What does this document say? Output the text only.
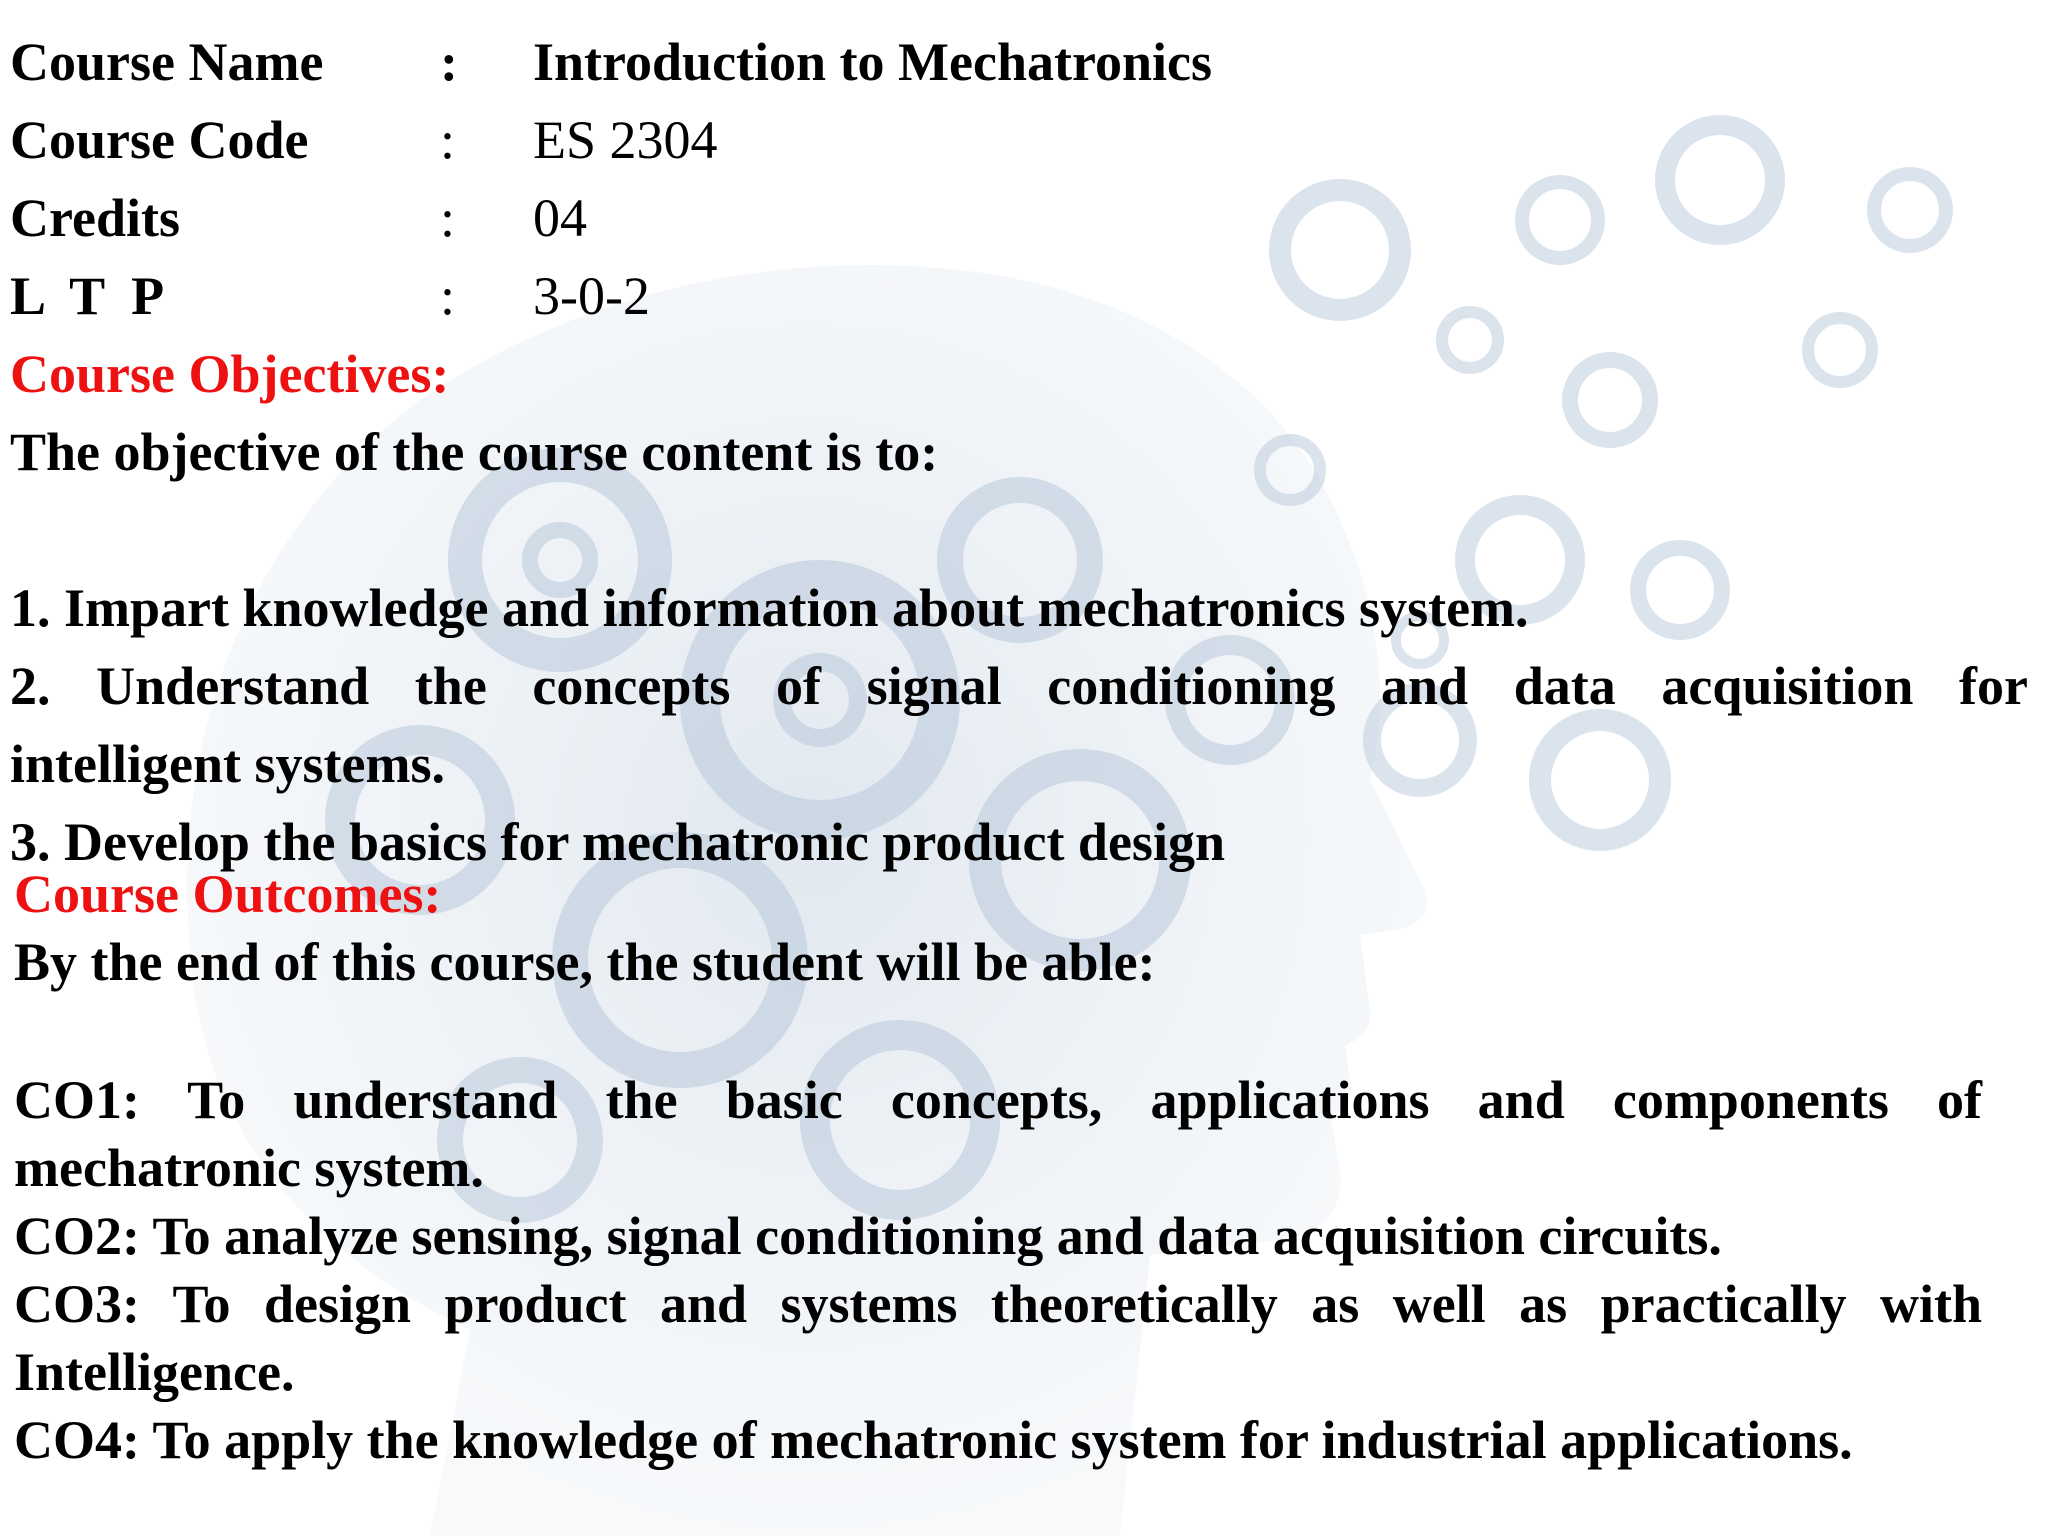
Course Name : Introduction to Mechatronics
Course Code : ES 2304
Credits	: 04
L  T  P	: 3-0-2
Course Objectives:
The objective of the course content is to:
1. Impart knowledge and information about mechatronics system.
2. Understand the concepts of signal conditioning and data acquisition for
intelligent systems.
3. Develop the basics for mechatronic product design
Course Outcomes:
By the end of this course, the student will be able:
CO1: To understand the basic concepts, applications and components of
mechatronic system.
CO2: To analyze sensing, signal conditioning and data acquisition circuits.
CO3: To design product and systems theoretically as well as practically with
Intelligence.
CO4: To apply the knowledge of mechatronic system for industrial applications.
